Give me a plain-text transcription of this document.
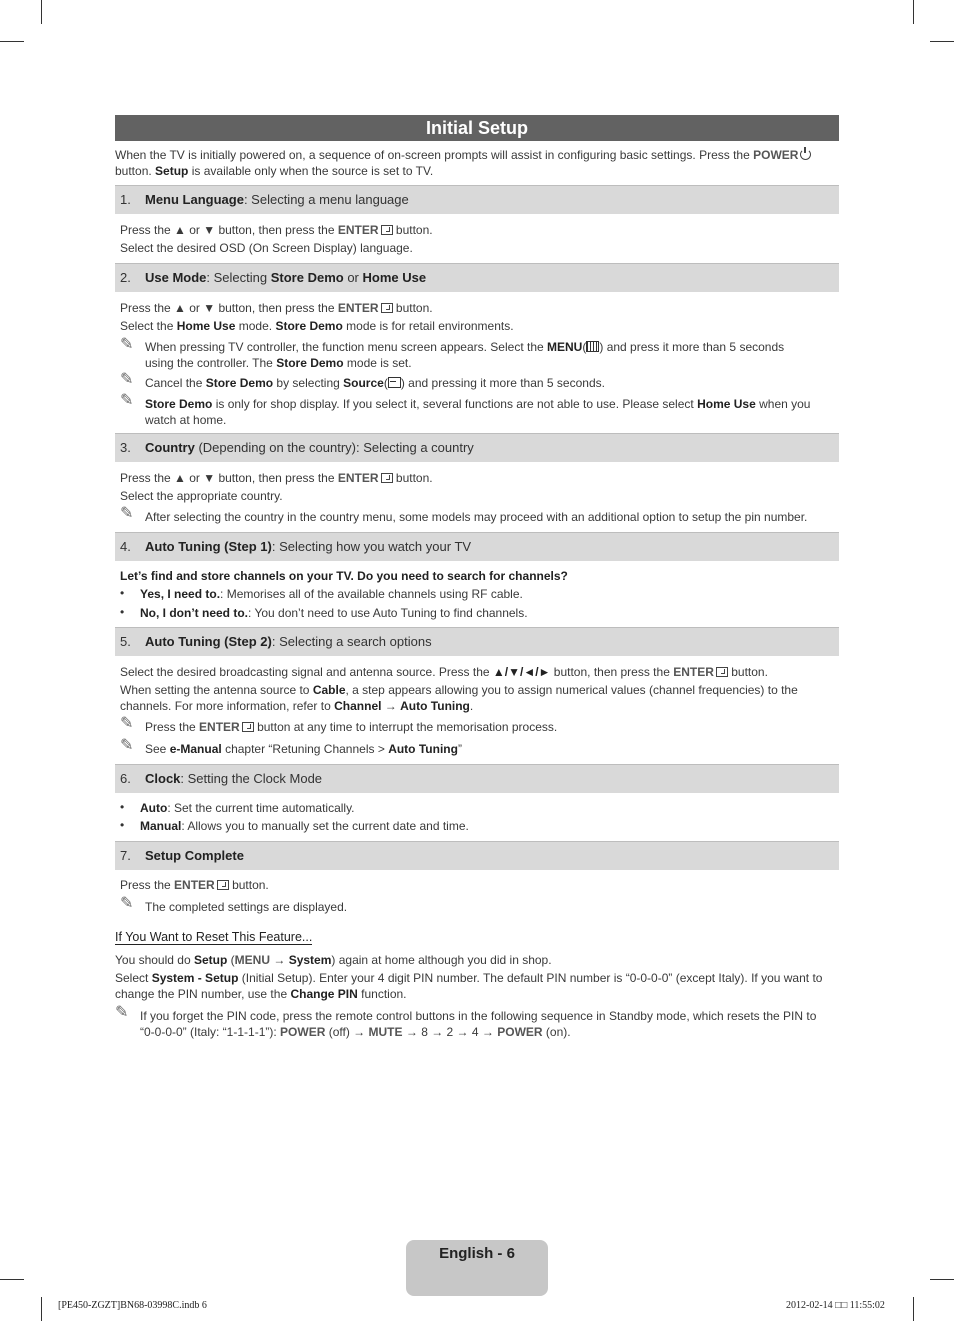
Initial Setup
When the TV is initially powered on, a sequence of on-screen prompts will assist in configuring basic settings. Press the POWER
button. Setup is available only when the source is set to TV.
1. Menu Language: Selecting a menu language
Press the ▲ or ▼ button, then press the ENTER button.
Select the desired OSD (On Screen Display) language.
2. Use Mode: Selecting Store Demo or Home Use
Press the ▲ or ▼ button, then press the ENTER button.
Select the Home Use mode. Store Demo mode is for retail environments.
✎ When pressing TV controller, the function menu screen appears. Select the MENU( ) and press it more than 5 seconds
using the controller. The Store Demo mode is set.
✎ Cancel the Store Demo by selecting Source( ) and pressing it more than 5 seconds.
✎ Store Demo is only for shop display. If you select it, several functions are not able to use. Please select Home Use when you
watch at home.
3. Country (Depending on the country): Selecting a country
Press the ▲ or ▼ button, then press the ENTER button.
Select the appropriate country.
✎ After selecting the country in the country menu, some models may proceed with an additional option to setup the pin number.
4. Auto Tuning (Step 1): Selecting how you watch your TV
Let’s find and store channels on your TV. Do you need to search for channels?
• Yes, I need to.: Memorises all of the available channels using RF cable.
• No, I don’t need to.: You don’t need to use Auto Tuning to find channels.
5. Auto Tuning (Step 2): Selecting a search options
Select the desired broadcasting signal and antenna source. Press the ▲/▼/◄/► button, then press the ENTER button.
When setting the antenna source to Cable, a step appears allowing you to assign numerical values (channel frequencies) to the
channels. For more information, refer to Channel → Auto Tuning.
✎ Press the ENTER button at any time to interrupt the memorisation process.
✎ See e-Manual chapter “Retuning Channels > Auto Tuning”
6. Clock: Setting the Clock Mode
• Auto: Set the current time automatically.
• Manual: Allows you to manually set the current date and time.
7. Setup Complete
Press the ENTER button.
✎ The completed settings are displayed.
If You Want to Reset This Feature...
You should do Setup (MENU → System) again at home although you did in shop.
Select System - Setup (Initial Setup). Enter your 4 digit PIN number. The default PIN number is “0-0-0-0” (except Italy). If you want to
change the PIN number, use the Change PIN function.
✎ If you forget the PIN code, press the remote control buttons in the following sequence in Standby mode, which resets the PIN to
“0-0-0-0” (Italy: “1-1-1-1”): POWER (off) → MUTE → 8 → 2 → 4 → POWER (on).
English - 6
[PE450-ZGZT]BN68-03998C.indb 6	2012-02-14 □□ 11:55:02
